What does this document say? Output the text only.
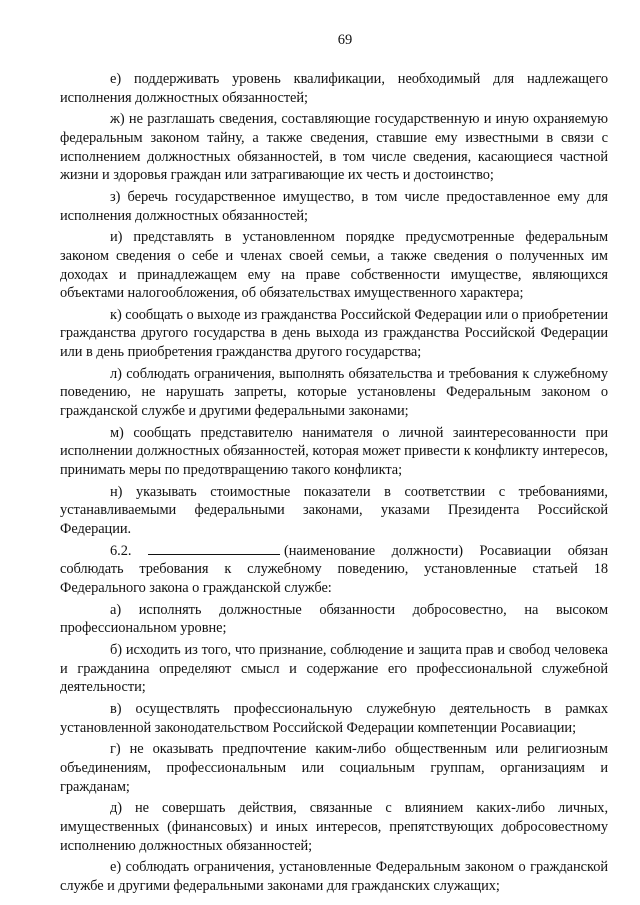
69

е) поддерживать уровень квалификации, необходимый для надлежащего исполнения должностных обязанностей;

ж) не разглашать сведения, составляющие государственную и иную охраняемую федеральным законом тайну, а также сведения, ставшие ему известными в связи с исполнением должностных обязанностей, в том числе сведения, касающиеся частной жизни и здоровья граждан или затрагивающие их честь и достоинство;

з) беречь государственное имущество, в том числе предоставленное ему для исполнения должностных обязанностей;

и) представлять в установленном порядке предусмотренные федеральным законом сведения о себе и членах своей семьи, а также сведения о полученных им доходах и принадлежащем ему на праве собственности имуществе, являющихся объектами налогообложения, об обязательствах имущественного характера;

к) сообщать о выходе из гражданства Российской Федерации или о приобретении гражданства другого государства в день выхода из гражданства Российской Федерации или в день приобретения гражданства другого государства;

л) соблюдать ограничения, выполнять обязательства и требования к служебному поведению, не нарушать запреты, которые установлены Федеральным законом о гражданской службе и другими федеральными законами;

м) сообщать представителю нанимателя о личной заинтересованности при исполнении должностных обязанностей, которая может привести к конфликту интересов, принимать меры по предотвращению такого конфликта;

н) указывать стоимостные показатели в соответствии с требованиями, устанавливаемыми федеральными законами, указами Президента Российской Федерации.

6.2.	(наименование должности) Росавиации обязан соблюдать требования к служебному поведению, установленные статьей 18 Федерального закона о гражданской службе:

а) исполнять должностные обязанности добросовестно, на высоком профессиональном уровне;

б) исходить из того, что признание, соблюдение и защита прав и свобод человека и гражданина определяют смысл и содержание его профессиональной служебной деятельности;

в) осуществлять профессиональную служебную деятельность в рамках установленной законодательством Российской Федерации компетенции Росавиации;

г) не оказывать предпочтение каким-либо общественным или религиозным объединениям, профессиональным или социальным группам, организациям и гражданам;

д) не совершать действия, связанные с влиянием каких-либо личных, имущественных (финансовых) и иных интересов, препятствующих добросовестному исполнению должностных обязанностей;

е) соблюдать ограничения, установленные Федеральным законом о гражданской службе и другими федеральными законами для гражданских служащих;
